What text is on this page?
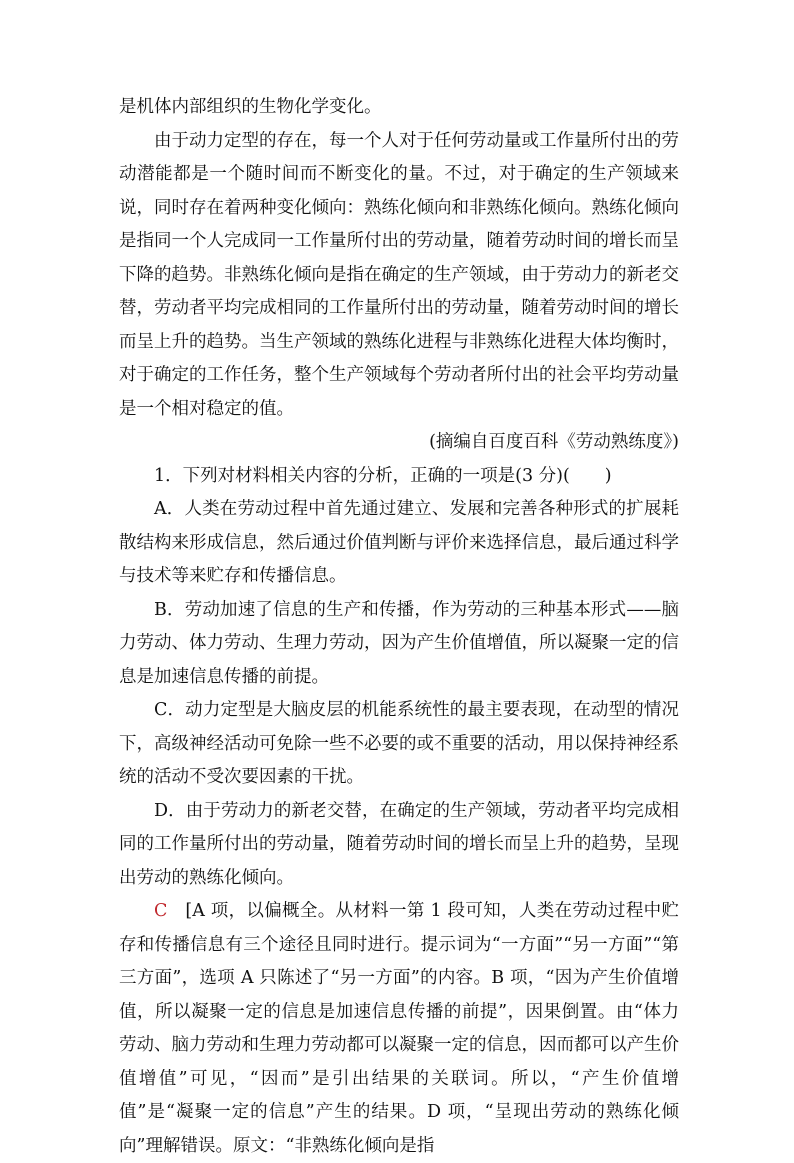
是机体内部组织的生物化学变化。

由于动力定型的存在，每一个人对于任何劳动量或工作量所付出的劳动潜能都是一个随时间而不断变化的量。不过，对于确定的生产领域来说，同时存在着两种变化倾向：熟练化倾向和非熟练化倾向。熟练化倾向是指同一个人完成同一工作量所付出的劳动量，随着劳动时间的增长而呈下降的趋势。非熟练化倾向是指在确定的生产领域，由于劳动力的新老交替，劳动者平均完成相同的工作量所付出的劳动量，随着劳动时间的增长而呈上升的趋势。当生产领域的熟练化进程与非熟练化进程大体均衡时，对于确定的工作任务，整个生产领域每个劳动者所付出的社会平均劳动量是一个相对稳定的值。

(摘编自百度百科《劳动熟练度》)

1．下列对材料相关内容的分析，正确的一项是(3 分)(　　)

A．人类在劳动过程中首先通过建立、发展和完善各种形式的扩展耗散结构来形成信息，然后通过价值判断与评价来选择信息，最后通过科学与技术等来贮存和传播信息。

B．劳动加速了信息的生产和传播，作为劳动的三种基本形式——脑力劳动、体力劳动、生理力劳动，因为产生价值增值，所以凝聚一定的信息是加速信息传播的前提。

C．动力定型是大脑皮层的机能系统性的最主要表现，在动型的情况下，高级神经活动可免除一些不必要的或不重要的活动，用以保持神经系统的活动不受次要因素的干扰。

D．由于劳动力的新老交替，在确定的生产领域，劳动者平均完成相同的工作量所付出的劳动量，随着劳动时间的增长而呈上升的趋势，呈现出劳动的熟练化倾向。

C [A 项，以偏概全。从材料一第 1 段可知，人类在劳动过程中贮存和传播信息有三个途径且同时进行。提示词为“一方面”“另一方面”“第三方面”，选项 A 只陈述了“另一方面”的内容。B 项，“因为产生价值增值，所以凝聚一定的信息是加速信息传播的前提”，因果倒置。由“体力劳动、脑力劳动和生理力劳动都可以凝聚一定的信息，因而都可以产生价值增值”可见，“因而”是引出结果的关联词。所以，“产生价值增值”是“凝聚一定的信息”产生的结果。D 项，“呈现出劳动的熟练化倾向”理解错误。原文：“非熟练化倾向是指
